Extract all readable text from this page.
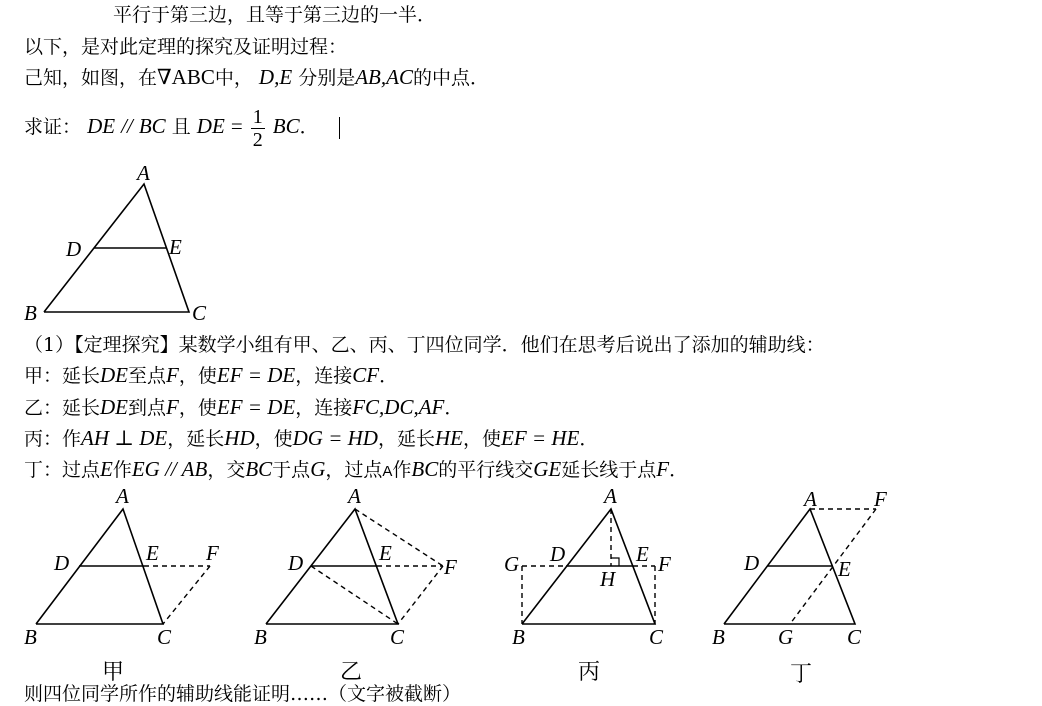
平行于第三边，且等于第三边的一半．
以下，是对此定理的探究及证明过程：
己知，如图，在∇ABC中， D,E 分别是AB,AC的中点．
求证： DE // BC 且 DE = $\frac{1}{2}$ BC．
A
D	E
B	C
（1）【定理探究】某数学小组有甲、乙、丙、丁四位同学．他们在思考后说出了添加的辅助线：
甲：延长DE至点F，使EF = DE，连接CF．
乙：延长DE到点F，使EF = DE，连接FC,DC,AF．
丙：作AH ⊥ DE，延长HD，使DG = HD，延长HE，使EF = HE．
丁：过点E作EG // AB，交BC于点G，过点A作BC的平行线交GE延长线于点F．
A
D	E F
B	C
甲
A
D	E
F
B	C
乙
A
D	E F
G
H
B	C
丙
A	F
D	E
B	G	C
丁
则四位同学所作的辅助线能证明……（文字被截断）
